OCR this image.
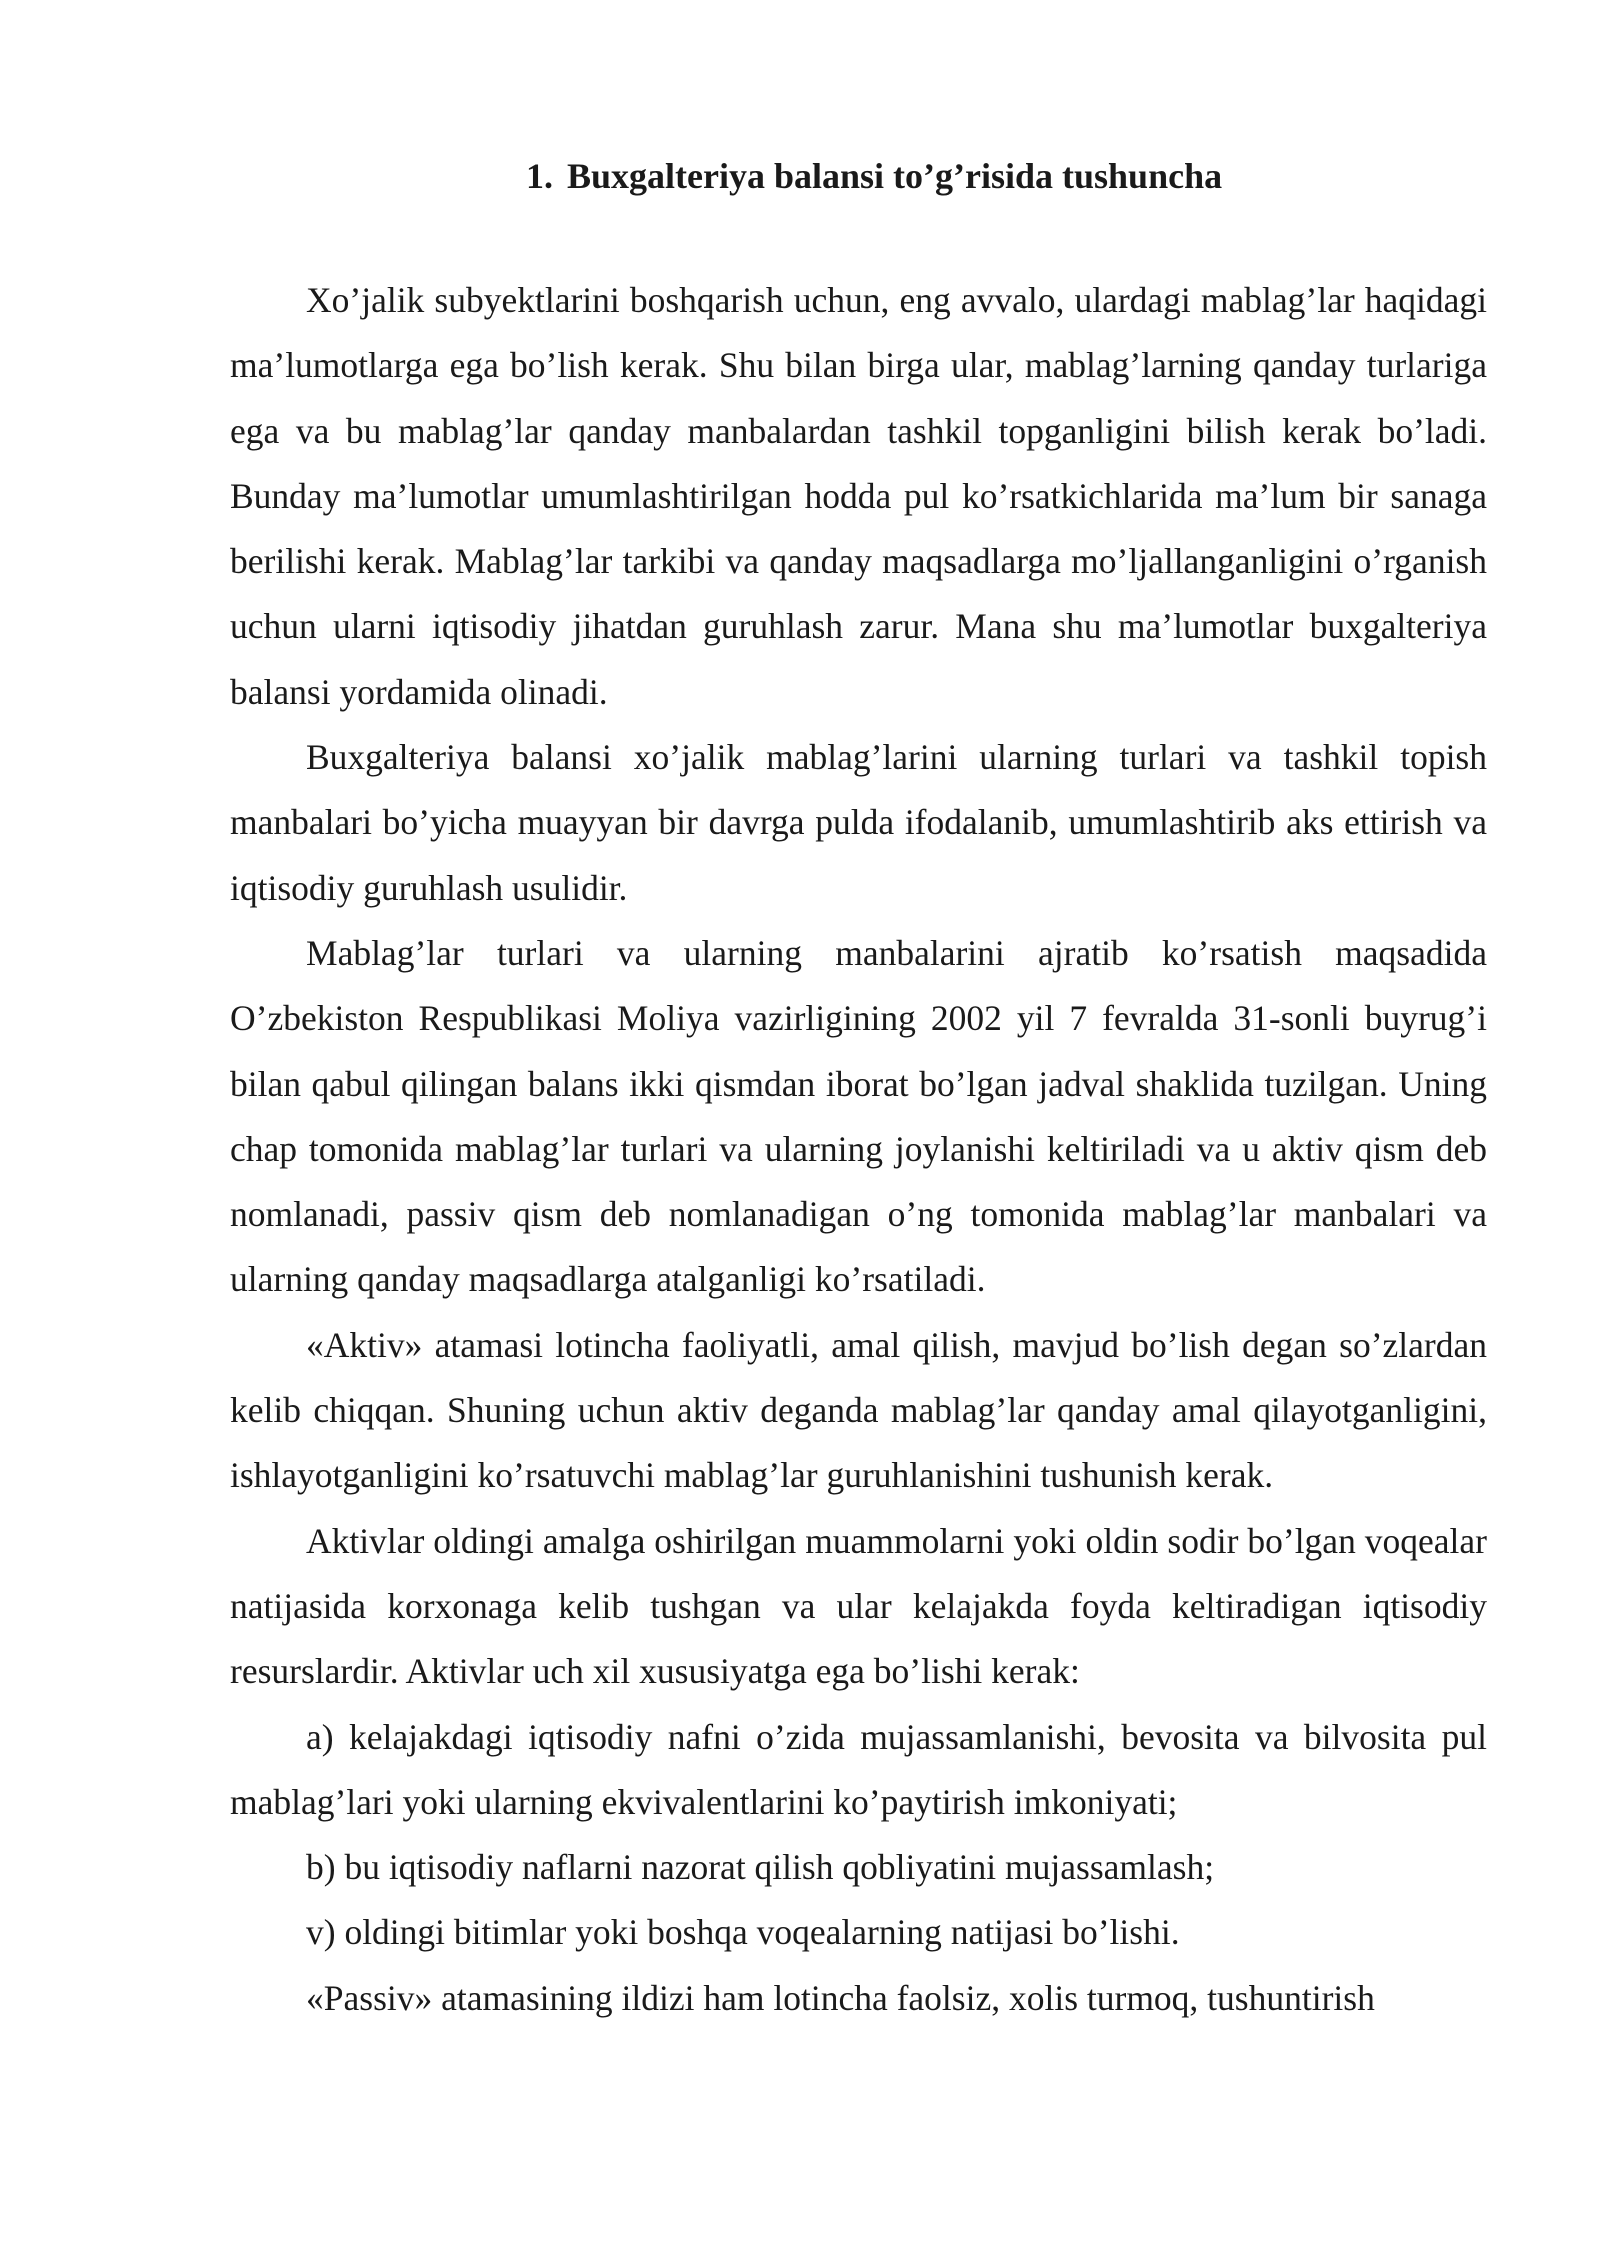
1. Buxgalteriya balansi to’g’risida tushuncha

Xo’jalik subyektlarini boshqarish uchun, eng avvalo, ulardagi mablag’lar haqidagi ma’lumotlarga ega bo’lish kerak. Shu bilan birga ular, mablag’larning qanday turlariga ega va bu mablag’lar qanday manbalardan tashkil topganligini bilish kerak bo’ladi. Bunday ma’lumotlar umumlashtirilgan hodda pul ko’rsatkichlarida ma’lum bir sanaga berilishi kerak. Mablag’lar tarkibi va qanday maqsadlarga mo’ljallanganligini o’rganish uchun ularni iqtisodiy jihatdan guruhlash zarur. Mana shu ma’lumotlar buxgalteriya balansi yordamida olinadi.

Buxgalteriya balansi xo’jalik mablag’larini ularning turlari va tashkil topish manbalari bo’yicha muayyan bir davrga pulda ifodalanib, umumlashtirib aks ettirish va iqtisodiy guruhlash usulidir.

Mablag’lar turlari va ularning manbalarini ajratib ko’rsatish maqsadida O’zbekiston Respublikasi Moliya vazirligining 2002 yil 7 fevralda 31-sonli buyrug’i bilan qabul qilingan balans ikki qismdan iborat bo’lgan jadval shaklida tuzilgan. Uning chap tomonida mablag’lar turlari va ularning joylanishi keltiriladi va u aktiv qism deb nomlanadi, passiv qism deb nomlanadigan o’ng tomonida mablag’lar manbalari va ularning qanday maqsadlarga atalganligi ko’rsatiladi.

«Aktiv» atamasi lotincha faoliyatli, amal qilish, mavjud bo’lish degan so’zlardan kelib chiqqan. Shuning uchun aktiv deganda mablag’lar qanday amal qilayotganligini, ishlayotganligini ko’rsatuvchi mablag’lar guruhlanishini tushunish kerak.

Aktivlar oldingi amalga oshirilgan muammolarni yoki oldin sodir bo’lgan voqealar natijasida korxonaga kelib tushgan va ular kelajakda foyda keltiradigan iqtisodiy resurslardir. Aktivlar uch xil xususiyatga ega bo’lishi kerak:

a) kelajakdagi iqtisodiy nafni o’zida mujassamlanishi, bevosita va bilvosita pul mablag’lari yoki ularning ekvivalentlarini ko’paytirish imkoniyati;

b) bu iqtisodiy naflarni nazorat qilish qobliyatini mujassamlash;

v) oldingi bitimlar yoki boshqa voqealarning natijasi bo’lishi.

«Passiv» atamasining ildizi ham lotincha faolsiz, xolis turmoq, tushuntirish
